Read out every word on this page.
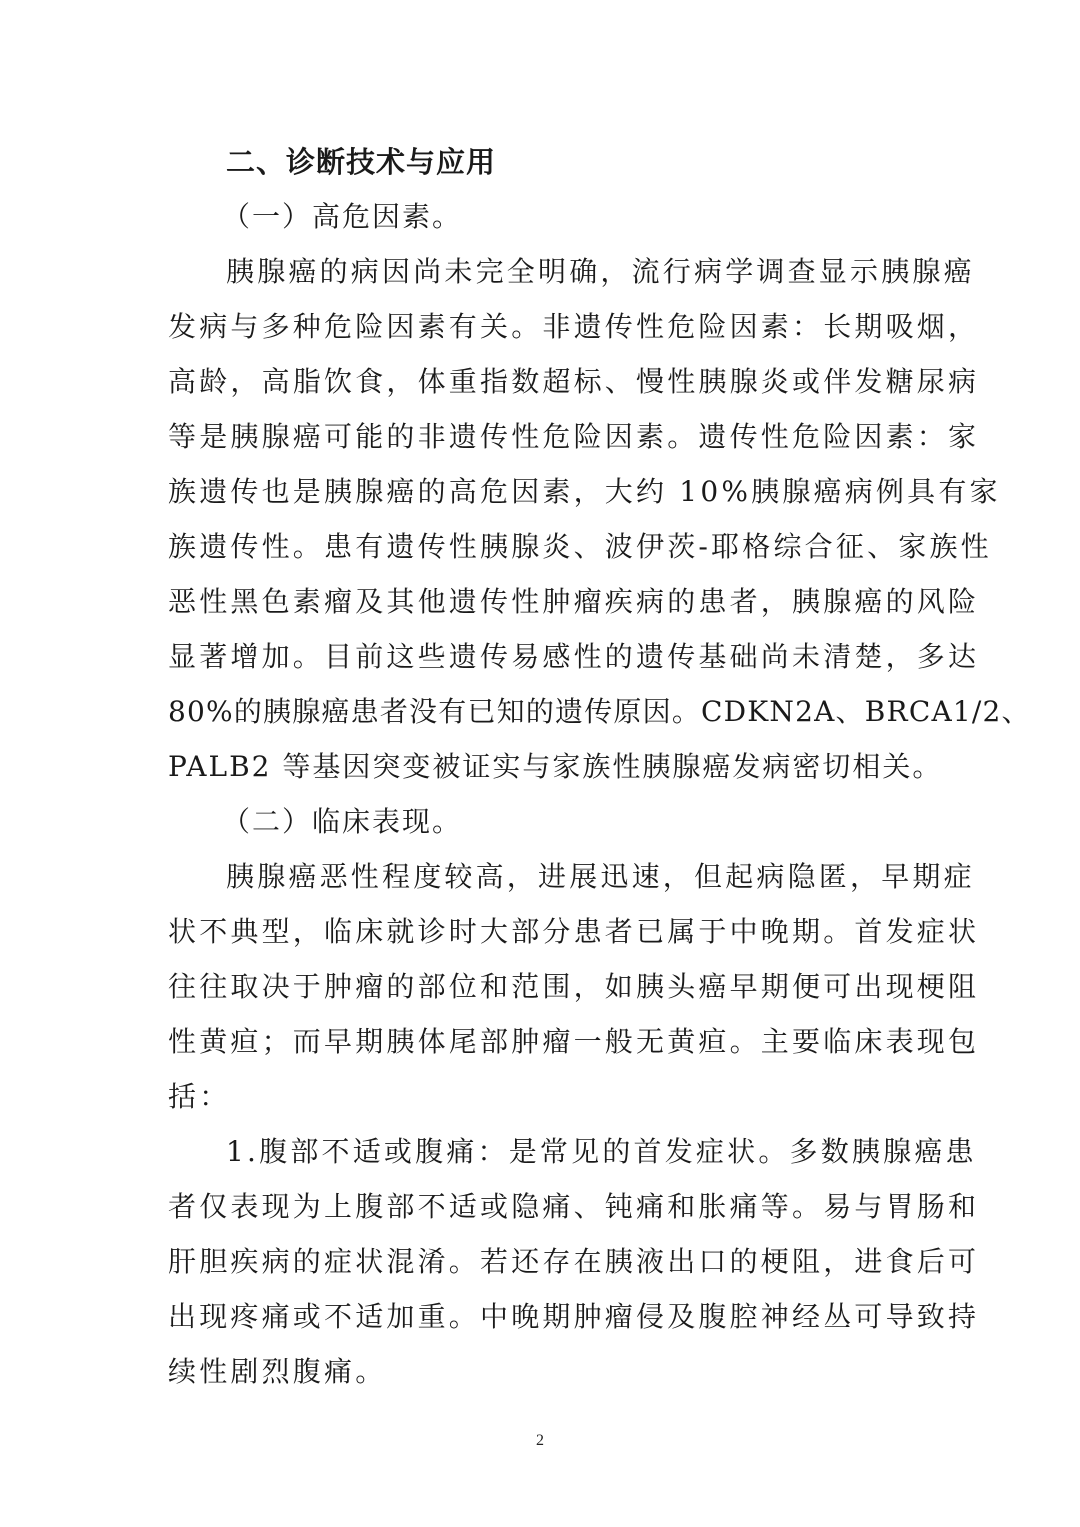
二、诊断技术与应用
（一）高危因素。
胰腺癌的病因尚未完全明确，流行病学调查显示胰腺癌
发病与多种危险因素有关。非遗传性危险因素：长期吸烟，
高龄，高脂饮食，体重指数超标、慢性胰腺炎或伴发糖尿病
等是胰腺癌可能的非遗传性危险因素。遗传性危险因素：家
族遗传也是胰腺癌的高危因素，大约 10%胰腺癌病例具有家
族遗传性。患有遗传性胰腺炎、波伊茨-耶格综合征、家族性
恶性黑色素瘤及其他遗传性肿瘤疾病的患者，胰腺癌的风险
显著增加。目前这些遗传易感性的遗传基础尚未清楚，多达
80%的胰腺癌患者没有已知的遗传原因。CDKN2A、BRCA1/2、
PALB2 等基因突变被证实与家族性胰腺癌发病密切相关。
（二）临床表现。
胰腺癌恶性程度较高，进展迅速，但起病隐匿，早期症
状不典型，临床就诊时大部分患者已属于中晚期。首发症状
往往取决于肿瘤的部位和范围，如胰头癌早期便可出现梗阻
性黄疸；而早期胰体尾部肿瘤一般无黄疸。主要临床表现包
括：
1.腹部不适或腹痛：是常见的首发症状。多数胰腺癌患
者仅表现为上腹部不适或隐痛、钝痛和胀痛等。易与胃肠和
肝胆疾病的症状混淆。若还存在胰液出口的梗阻，进食后可
出现疼痛或不适加重。中晚期肿瘤侵及腹腔神经丛可导致持
续性剧烈腹痛。
2
